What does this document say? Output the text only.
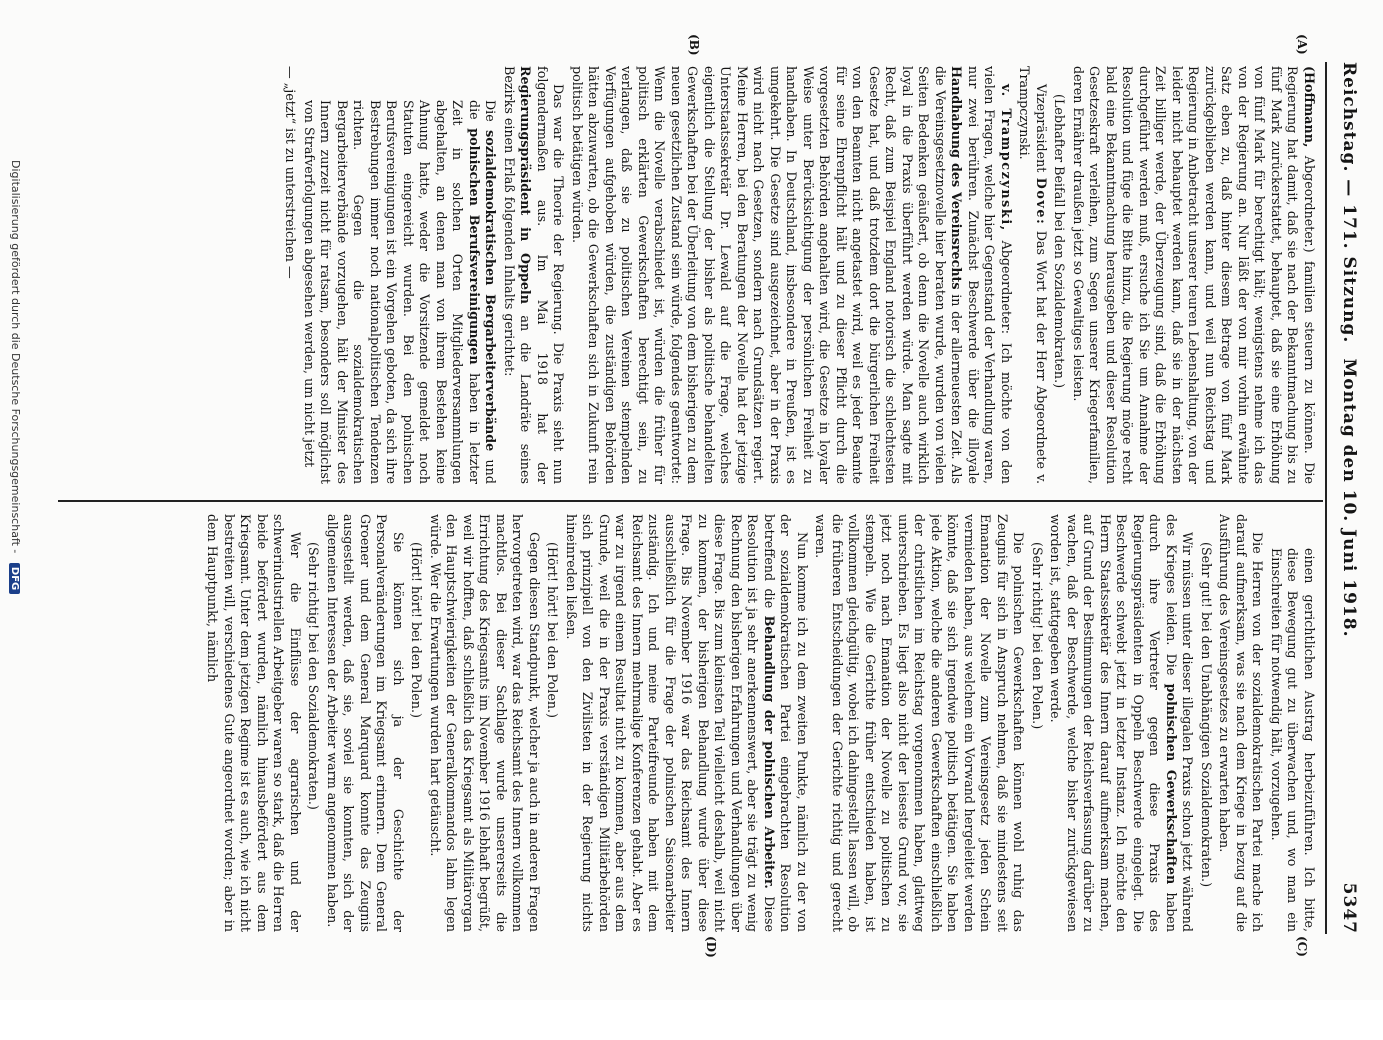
Reichstag. — 171. Sitzung.
Montag den 10. Juni 1918.
5347
(A)
(B)
(C)
(D)

(Hoffmann, Abgeordneter.) familien steuern zu können. Die Regierung hat damit, daß sie nach der Bekanntmachung bis zu fünf Mark zurückerstattet, behauptet, daß sie eine Erhöhung von fünf Mark für berechtigt hält; wenigstens nehme ich das von der Regierung an. Nur läßt der von mir vorhin erwähnte Satz eben zu, daß hinter diesem Betrage von fünf Mark zurückgeblieben werden kann, und weil nun Reichstag und Regierung in Anbetracht unserer teuren Lebenshaltung, von der leider nicht behauptet werden kann, daß sie in der nächsten Zeit billiger werde, der Überzeugung sind, daß die Erhöhung durchgeführt werden muß, ersuche ich Sie um Annahme der Resolution und füge die Bitte hinzu, die Regierung möge recht bald eine Bekanntmachung herausgeben und dieser Resolution Gesetzeskraft verleihen, zum Segen unserer Kriegerfamilien, deren Ernährer draußen jetzt so Gewaltiges leisten.

(Lebhafter Beifall bei den Sozialdemokraten.)

Vizepräsident Dove: Das Wort hat der Herr Abgeordnete v. Trampczynski.

v. Trampczynski, Abgeordneter: Ich möchte von den vielen Fragen, welche hier Gegenstand der Verhandlung waren, nur zwei berühren. Zunächst Beschwerde über die illoyale Handhabung des Vereinsrechts in der allerneuesten Zeit. Als die Vereinsgesetznovelle hier beraten wurde, wurden von vielen Seiten Bedenken geäußert, ob denn die Novelle auch wirklich loyal in die Praxis überführt werden würde. Man sagte mit Recht, daß zum Beispiel England notorisch die schlechtesten Gesetze hat, und daß trotzdem dort die bürgerlichen Freiheit von den Beamten nicht angetastet wird, weil es jeder Beamte für seine Ehrenpflicht hält und zu dieser Pflicht durch die vorgesetzten Behörden angehalten wird, die Gesetze in loyaler Weise unter Berücksichtigung der persönlichen Freiheit zu handhaben. In Deutschland, insbesondere in Preußen, ist es umgekehrt. Die Gesetze sind ausgezeichnet, aber in der Praxis wird nicht nach Gesetzen, sondern nach Grundsätzen regiert. Meine Herren, bei den Beratungen der Novelle hat der jetzige Unterstaatssekretär Dr. Lewald auf die Frage, welches eigentlich die Stellung der bisher als politische behandelten Gewerkschaften bei der Überleitung von dem bisherigen zu dem neuen gesetzlichen Zustand sein würde, folgendes geantwortet: Wenn die Novelle verabschiedet ist, würden die früher für politisch erklärten Gewerkschaften berechtigt sein, zu verlangen, daß sie zu politischen Vereinen stempelnden Verfügungen aufgehoben würden, die zuständigen Behörden hätten abzuwarten, ob die Gewerkschaften sich in Zukunft rein politisch betätigen würden.

Das war die Theorie der Regierung. Die Praxis sieht nun folgendermaßen aus. Im Mai 1918 hat der Regierungspräsident in Oppeln an die Landräte seines Bezirks einen Erlaß folgenden Inhalts gerichtet:

Die sozialdemokratischen Bergarbeiterverbände und die polnischen Berufsvereinigungen haben in letzter Zeit in solchen Orten Mitgliederversammlungen abgehalten, an denen man von ihrem Bestehen keine Ahnung hatte, weder die Vorsitzende gemeldet noch Statuten eingereicht wurden. Bei den polnischen Berufsvereinigungen ist ein Vorgehen geboten, da sich ihre Bestrebungen immer noch nationalpolitischen Tendenzen richten. Gegen die sozialdemokratischen Bergarbeiterverbände vorzugehen, hält der Minister des Innern zurzeit nicht für ratsam, besonders soll möglichst von Strafverfolgungen abgesehen werden, um nicht jetzt

— „jetzt“ ist zu unterstreichen —

einen gerichtlichen Austrag herbeizuführen. Ich bitte, diese Bewegung gut zu überwachen und, wo man ein Einschreiten für notwendig hält, vorzugehen.

Die Herren von der sozialdemokratischen Partei mache ich darauf aufmerksam, was sie nach dem Kriege in bezug auf die Ausführung des Vereinsgesetzes zu erwarten haben.

(Sehr gut! bei den Unabhängigen Sozialdemokraten.)

Wir müssen unter dieser illegalen Praxis schon jetzt während des Krieges leiden. Die polnischen Gewerkschaften haben durch ihre Vertreter gegen diese Praxis des Regierungspräsidenten in Oppeln Beschwerde eingelegt. Die Beschwerde schwebt jetzt in letzter Instanz. Ich möchte den Herrn Staatssekretär des Innern darauf aufmerksam machen, auf Grund der Bestimmungen der Reichsverfassung darüber zu wachen, daß der Beschwerde, welche bisher zurückgewiesen worden ist, stattgegeben werde.

(Sehr richtig! bei den Polen.)

Die polnischen Gewerkschaften können wohl ruhig das Zeugnis für sich in Anspruch nehmen, daß sie mindestens seit Emanation der Novelle zum Vereinsgesetz jeden Schein vermieden haben, aus welchem ein Vorwand hergeleitet werden könnte, daß sie sich irgendwie politisch betätigen. Sie haben jede Aktion, welche die anderen Gewerkschaften einschließlich der christlichen im Reichstag vorgenommen haben, glattweg unterschrieben. Es liegt also nicht der leiseste Grund vor, sie jetzt noch nach Emanation der Novelle zu politischen zu stempeln. Wie die Gerichte früher entschieden haben, ist vollkommen gleichgültig, wobei ich dahingestellt lassen will, ob die früheren Entscheidungen der Gerichte richtig und gerecht waren.

Nun komme ich zu dem zweiten Punkte, nämlich zu der von der sozialdemokratischen Partei eingebrachten Resolution betreffend die Behandlung der polnischen Arbeiter. Diese Resolution ist ja sehr anerkennenswert, aber sie trägt zu wenig Rechnung den bisherigen Erfahrungen und Verhandlungen über diese Frage. Bis zum kleinsten Teil vielleicht deshalb, weil nicht zu kommen, der bisherigen Behandlung wurde über diese Frage. Bis November 1916 war das Reichsamt des Innern ausschließlich für die Frage der polnischen Saisonarbeiter zuständig. Ich und meine Parteifreunde haben mit dem Reichsamt des Innern mehrmalige Konferenzen gehabt. Aber es war zu irgend einem Resultat nicht zu kommen, aber aus dem Grunde, weil die in der Praxis verständigen Militärbehörden sich prinzipiell von den Zivilisten in der Regierung nichts hineinreden ließen.

(Hört! hört! bei den Polen.)

Gegen diesen Standpunkt, welcher ja auch in anderen Fragen hervorgetreten wird, war das Reichsamt des Innern vollkommen machtlos. Bei dieser Sachlage wurde unsererseits die Errichtung des Kriegsamts im November 1916 lebhaft begrüßt, weil wir hofften, daß schließlich das Kriegsamt als Militärorgan den Hauptschwierigkeiten der Generalkommandos lahm legen würde. Wer die Erwartungen wurden hart getäuscht.

(Hört! hört! bei den Polen.)

Sie können sich ja der Geschichte der Personalveränderungen im Kriegsamt erinnern. Dem General Groener und dem General Marquard konnte das Zeugnis ausgestellt werden, daß sie, soviel sie konnten, sich der allgemeinen Interessen der Arbeiter warm angenommen haben.

(Sehr richtig! bei den Sozialdemokraten.)

Wer die Einflüsse der agrarischen und der schwerindustriellen Arbeitgeber waren so stark, daß die Herren beide befördert wurden, nämlich hinausbefördert aus dem Kriegsamt. Unter dem jetzigen Regime ist es auch, wie ich nicht bestreiten will, verschiedenes Gute angeordnet worden; aber in dem Hauptpunkt, nämlich

Digitalisierung gefördert durch die Deutsche Forschungsgemeinschaft - DFG
